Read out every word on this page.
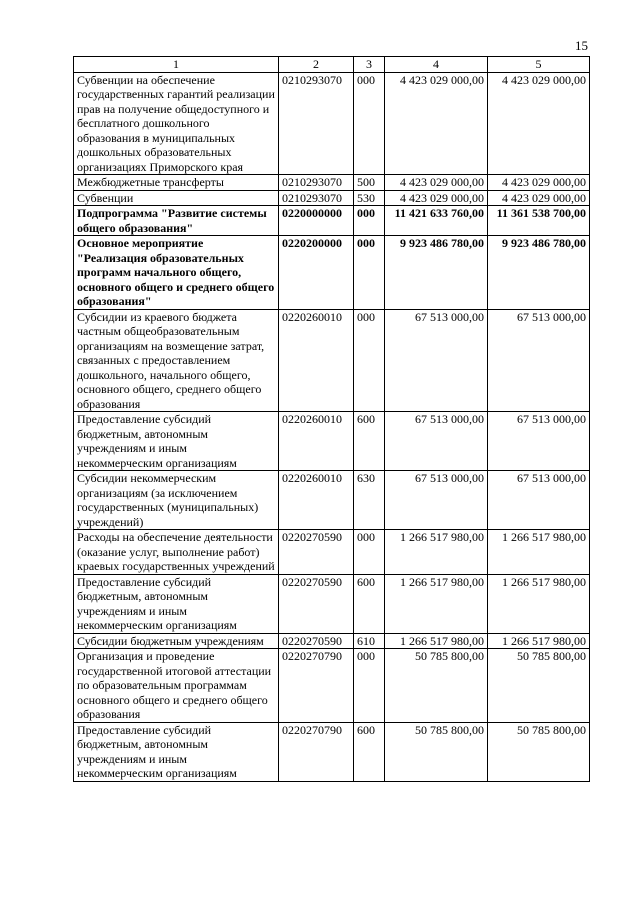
15
1	2	3	4	5
Субвенции на обеспечение государственных гарантий реализации прав на получение общедоступного и бесплатного дошкольного образования в муниципальных дошкольных образовательных организациях Приморского края	0210293070	000	4 423 029 000,00	4 423 029 000,00
Межбюджетные трансферты	0210293070	500	4 423 029 000,00	4 423 029 000,00
Субвенции	0210293070	530	4 423 029 000,00	4 423 029 000,00
Подпрограмма "Развитие системы общего образования"	0220000000	000	11 421 633 760,00	11 361 538 700,00
Основное мероприятие "Реализация образовательных программ начального общего, основного общего и среднего общего образования"	0220200000	000	9 923 486 780,00	9 923 486 780,00
Субсидии из краевого бюджета частным общеобразовательным организациям на возмещение затрат, связанных с предоставлением дошкольного, начального общего, основного общего, среднего общего образования	0220260010	000	67 513 000,00	67 513 000,00
Предоставление субсидий бюджетным, автономным учреждениям и иным некоммерческим организациям	0220260010	600	67 513 000,00	67 513 000,00
Субсидии некоммерческим организациям (за исключением государственных (муниципальных) учреждений)	0220260010	630	67 513 000,00	67 513 000,00
Расходы на обеспечение деятельности (оказание услуг, выполнение работ) краевых государственных учреждений	0220270590	000	1 266 517 980,00	1 266 517 980,00
Предоставление субсидий бюджетным, автономным учреждениям и иным некоммерческим организациям	0220270590	600	1 266 517 980,00	1 266 517 980,00
Субсидии бюджетным учреждениям	0220270590	610	1 266 517 980,00	1 266 517 980,00
Организация и проведение государственной итоговой аттестации по образовательным программам основного общего и среднего общего образования	0220270790	000	50 785 800,00	50 785 800,00
Предоставление субсидий бюджетным, автономным учреждениям и иным некоммерческим организациям	0220270790	600	50 785 800,00	50 785 800,00
